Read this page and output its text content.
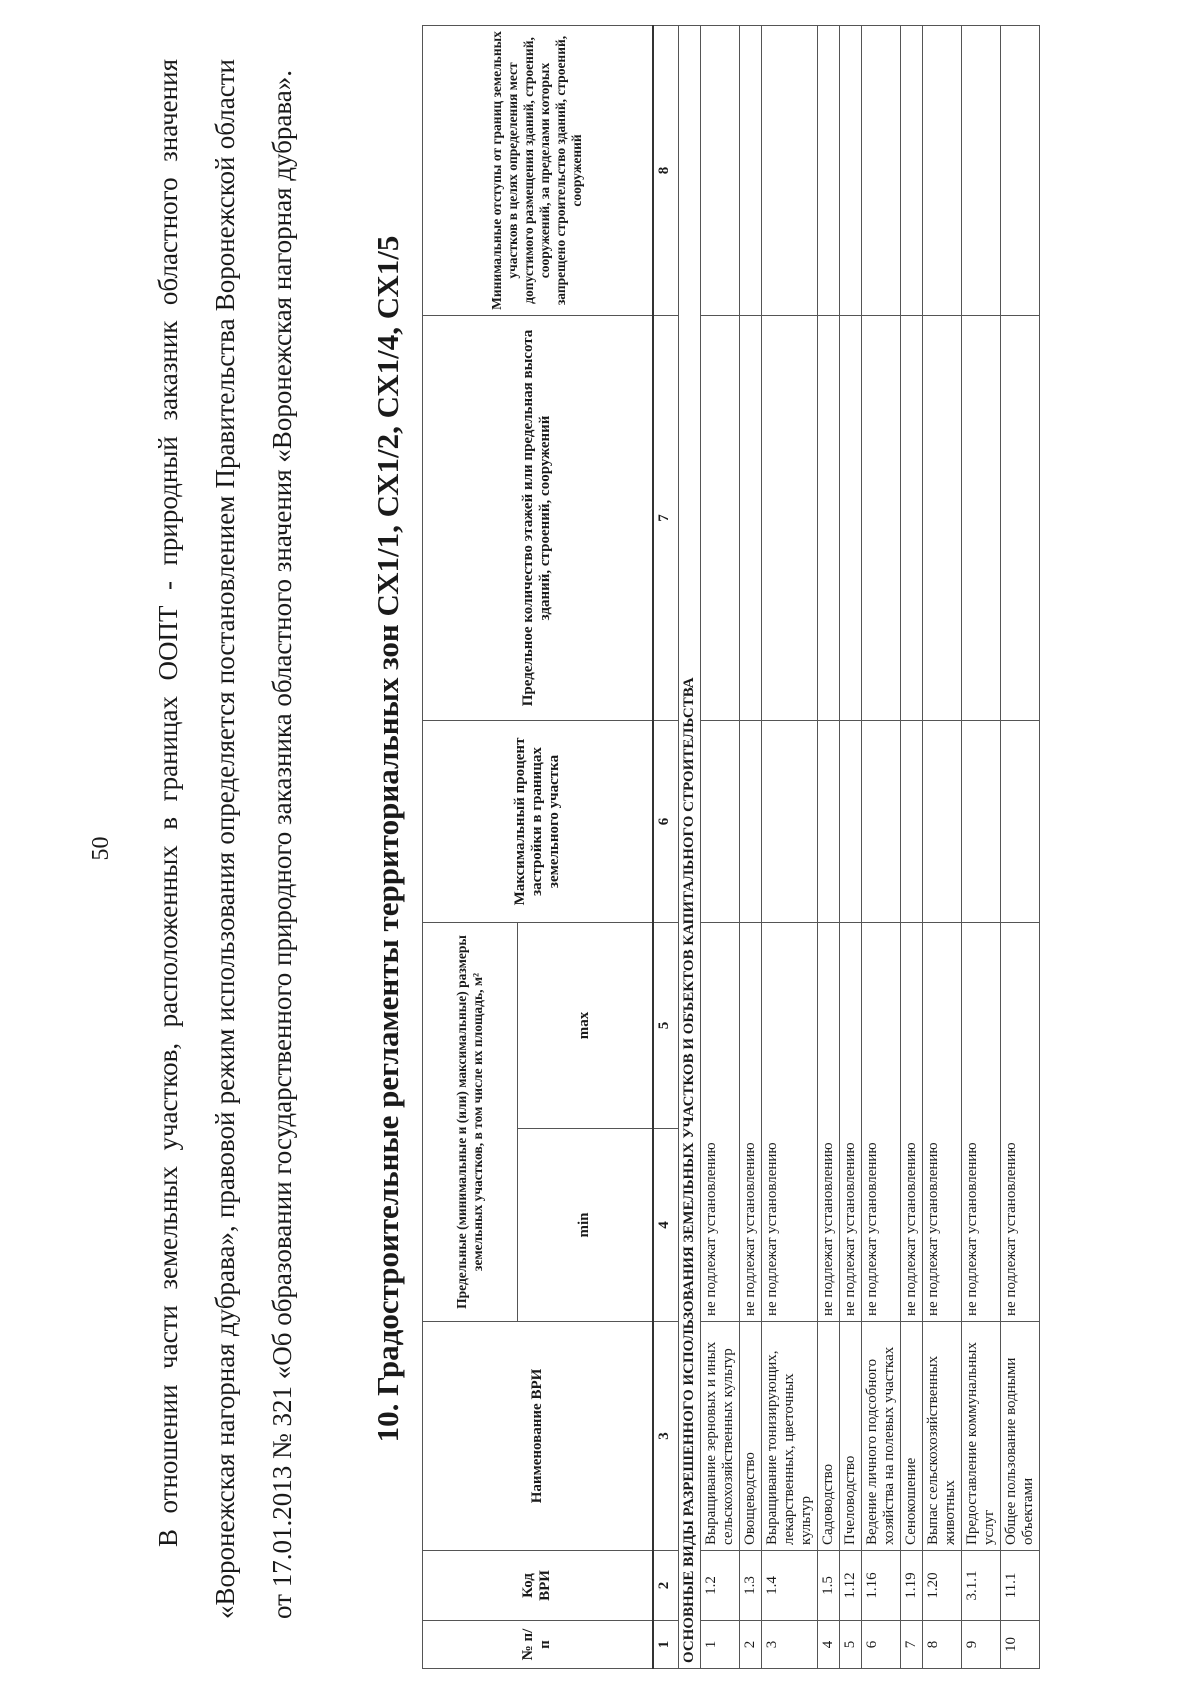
50	В отношении части земельных участков, расположенных в границах ООПТ - природный заказник областного значения «Воронежская нагорная дубрава», правовой режим использования определяется постановлением Правительства Воронежской области от 17.01.2013 № 321 «Об образовании государственного природного заказника областного значения «Воронежская нагорная дубрава».	10. Градостроительные регламенты территориальных зон СХ1/1, СХ1/2, СХ1/4, СХ1/5
№ п/п	Код ВРИ	Наименование ВРИ	Предельные (минимальные и (или) максимальные) размеры земельных участков, в том числе их площадь, м²		Максимальный процент застройки в границах земельного участка	Предельное количество этажей или предельная высота зданий, строений, сооружений	Минимальные отступы от границ земельных участков в целях определения мест допустимого размещения зданий, строений, сооружений, за пределами которых запрещено строительство зданий, строений, сооружений
			min	max			
1	2	3	4	5	6	7	8
ОСНОВНЫЕ ВИДЫ РАЗРЕШЕННОГО ИСПОЛЬЗОВАНИЯ ЗЕМЕЛЬНЫХ УЧАСТКОВ И ОБЪЕКТОВ КАПИТАЛЬНОГО СТРОИТЕЛЬСТВА							
1	1.2	Выращивание зерновых и иных сельскохозяйственных культур	не подлежат установлению				
2	1.3	Овощеводство	не подлежат установлению				
3	1.4	Выращивание тонизирующих, лекарственных, цветочных культур	не подлежат установлению				
4	1.5	Садоводство	не подлежат установлению				
5	1.12	Пчеловодство	не подлежат установлению				
6	1.16	Ведение личного подсобного хозяйства на полевых участках	не подлежат установлению				
7	1.19	Сенокошение	не подлежат установлению				
8	1.20	Выпас сельскохозяйственных животных	не подлежат установлению				
9	3.1.1	Предоставление коммунальных услуг	не подлежат установлению				
10	11.1	Общее пользование водными объектами	не подлежат установлению				
